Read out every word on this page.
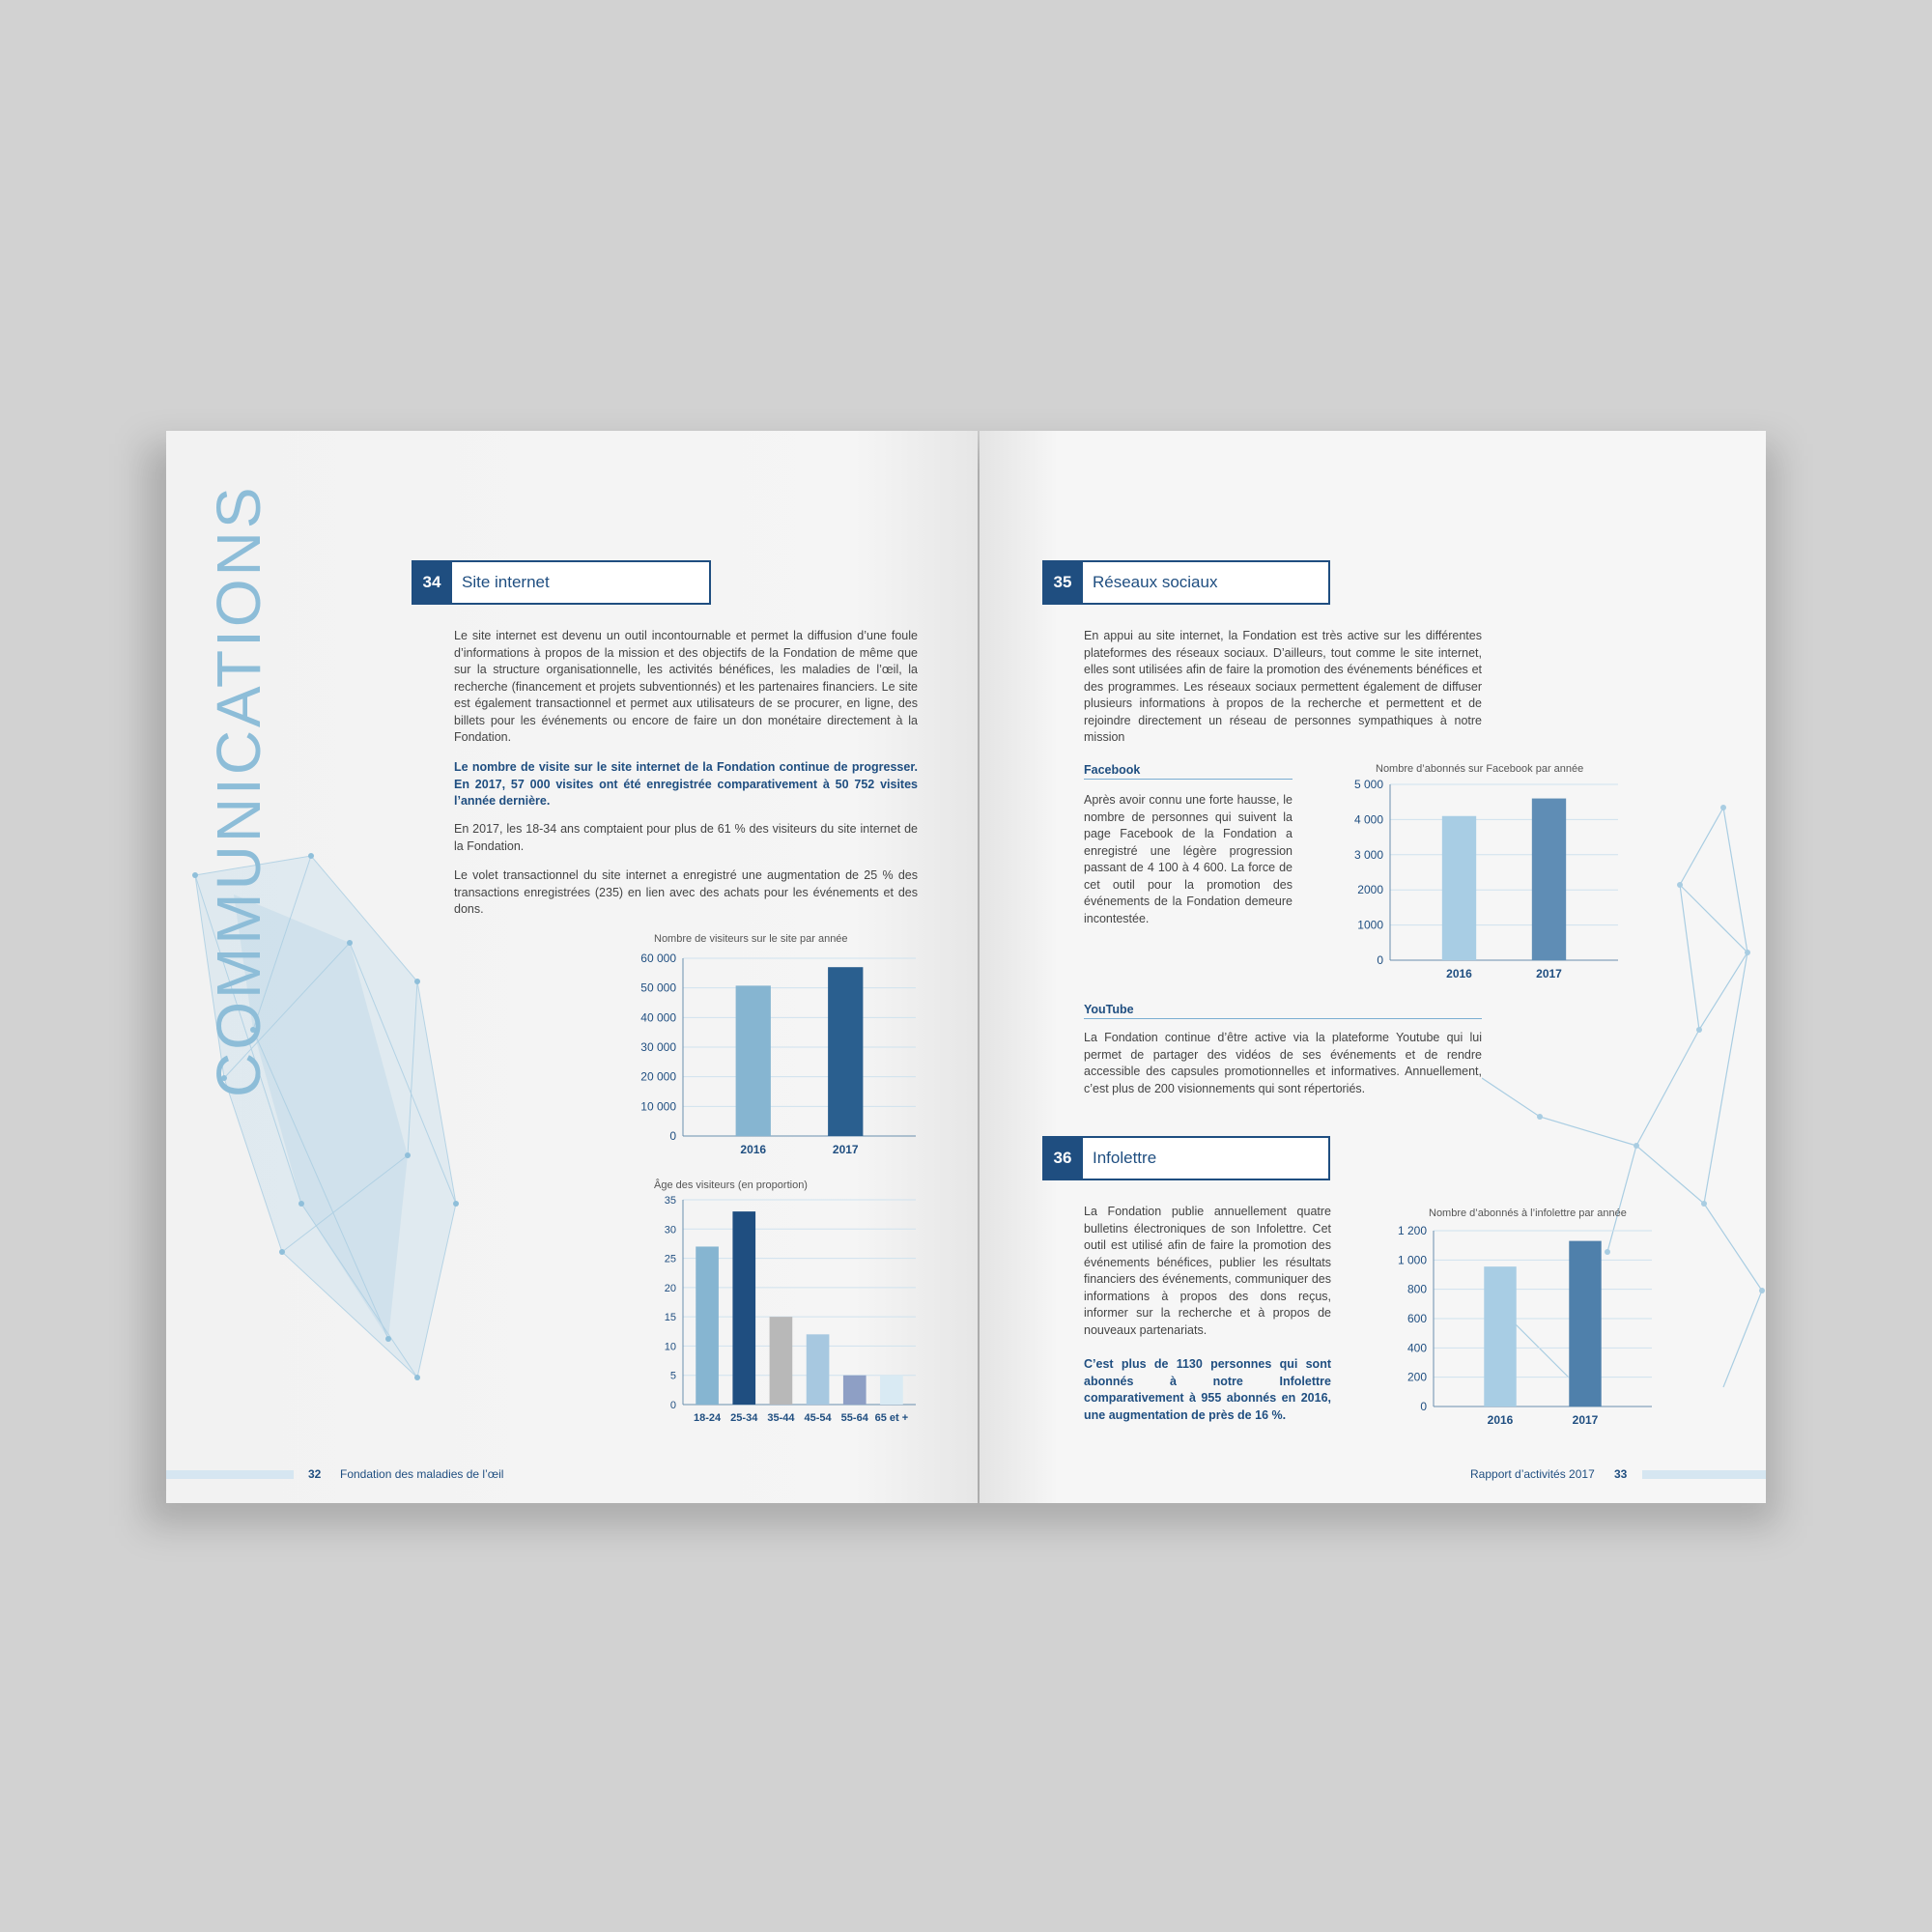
COMMUNICATIONS	34	Site internet

Le site internet est devenu un outil incontournable et permet la diffusion d’une foule d’informations à propos de la mission et des objectifs de la Fondation de même que sur la structure organisationnelle, les activités bénéfices, les maladies de l’œil, la recherche (financement et projets subventionnés) et les partenaires financiers. Le site est également transactionnel et permet aux utilisateurs de se procurer, en ligne, des billets pour les événements ou encore de faire un don monétaire directement à la Fondation.

Le nombre de visite sur le site internet de la Fondation continue de progresser. En 2017, 57 000 visites ont été enregistrée comparativement à 50 752 visites l’année dernière.

En 2017, les 18-34 ans comptaient pour plus de 61 % des visiteurs du site internet de la Fondation.

Le volet transactionnel du site internet a enregistré une augmentation de 25 % des transactions enregistrées (235) en lien avec des achats pour les événements et des dons.

Nombre de visiteurs sur le site par année
0
10 000
20 000
30 000
40 000
50 000
60 000
2016	2017
Âge des visiteurs (en proportion)
0
5
10
15
20
25
30
35
18-24 25-34 35-44 45-54 55-64 65 et +
32 Fondation des maladies de l’œil
35	Réseaux sociaux

En appui au site internet, la Fondation est très active sur les différentes plateformes des réseaux sociaux. D’ailleurs, tout comme le site internet, elles sont utilisées afin de faire la promotion des événements bénéfices et des programmes. Les réseaux sociaux permettent également de diffuser plusieurs informations à propos de la recherche et permettent et de rejoindre directement un réseau de personnes sympathiques à notre mission

Facebook

Après avoir connu une forte hausse, le nombre de personnes qui suivent la page Facebook de la Fondation a enregistré une légère progression passant de 4 100 à 4 600. La force de cet outil pour la promotion des événements de la Fondation demeure incontestée.

Nombre d’abonnés sur Facebook par année
0
1000
2000
3 000
4 000
5 000
2016	2017
YouTube

La Fondation continue d’être active via la plateforme Youtube qui lui permet de partager des vidéos de ses événements et de rendre accessible des capsules promotionnelles et informatives. Annuellement, c’est plus de 200 visionnements qui sont répertoriés.

36	Infolettre

La Fondation publie annuellement quatre bulletins électroniques de son Infolettre. Cet outil est utilisé afin de faire la promotion des événements bénéfices, publier les résultats financiers des événements, communiquer des informations à propos des dons reçus, informer sur la recherche et à propos de nouveaux partenariats.

C’est plus de 1130 personnes qui sont abonnés à notre Infolettre comparativement à 955 abonnés en 2016, une augmentation de près de 16 %.

Nombre d’abonnés à l’infolettre par année
0
200
400
600
800
1 000
1 200
2016	2017
Rapport d’activités 2017 33
